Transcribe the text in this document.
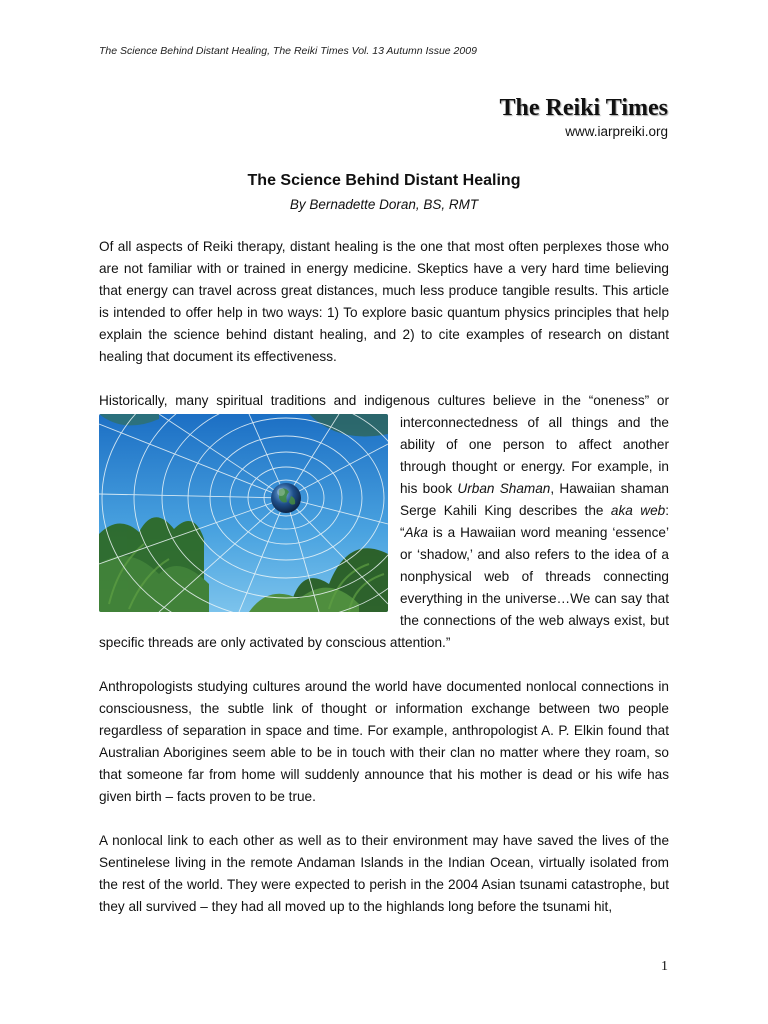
The Science Behind Distant Healing, The Reiki Times Vol. 13 Autumn Issue 2009
The Reiki Times
www.iarpreiki.org
The Science Behind Distant Healing
By Bernadette Doran, BS, RMT

Of all aspects of Reiki therapy, distant healing is the one that most often perplexes those who are not familiar with or trained in energy medicine. Skeptics have a very hard time believing that energy can travel across great distances, much less produce tangible results. This article is intended to offer help in two ways: 1) To explore basic quantum physics principles that help explain the science behind distant healing, and 2) to cite examples of research on distant healing that document its effectiveness.

Historically, many spiritual traditions and indigenous cultures believe in the “oneness” or
interconnectedness of all things and the ability of one person to affect another through thought or energy. For example, in his book Urban Shaman, Hawaiian shaman Serge Kahili King describes the aka web: “Aka is a Hawaiian word meaning ‘essence’ or ‘shadow,’ and also refers to the idea of a nonphysical web of threads connecting everything in the universe…We can say that the connections of the web always exist, but specific threads are only activated by conscious attention.”

Anthropologists studying cultures around the world have documented nonlocal connections in consciousness, the subtle link of thought or information exchange between two people regardless of separation in space and time. For example, anthropologist A. P. Elkin found that Australian Aborigines seem able to be in touch with their clan no matter where they roam, so that someone far from home will suddenly announce that his mother is dead or his wife has given birth – facts proven to be true.

A nonlocal link to each other as well as to their environment may have saved the lives of the Sentinelese living in the remote Andaman Islands in the Indian Ocean, virtually isolated from the rest of the world. They were expected to perish in the 2004 Asian tsunami catastrophe, but they all survived – they had all moved up to the highlands long before the tsunami hit,

1
